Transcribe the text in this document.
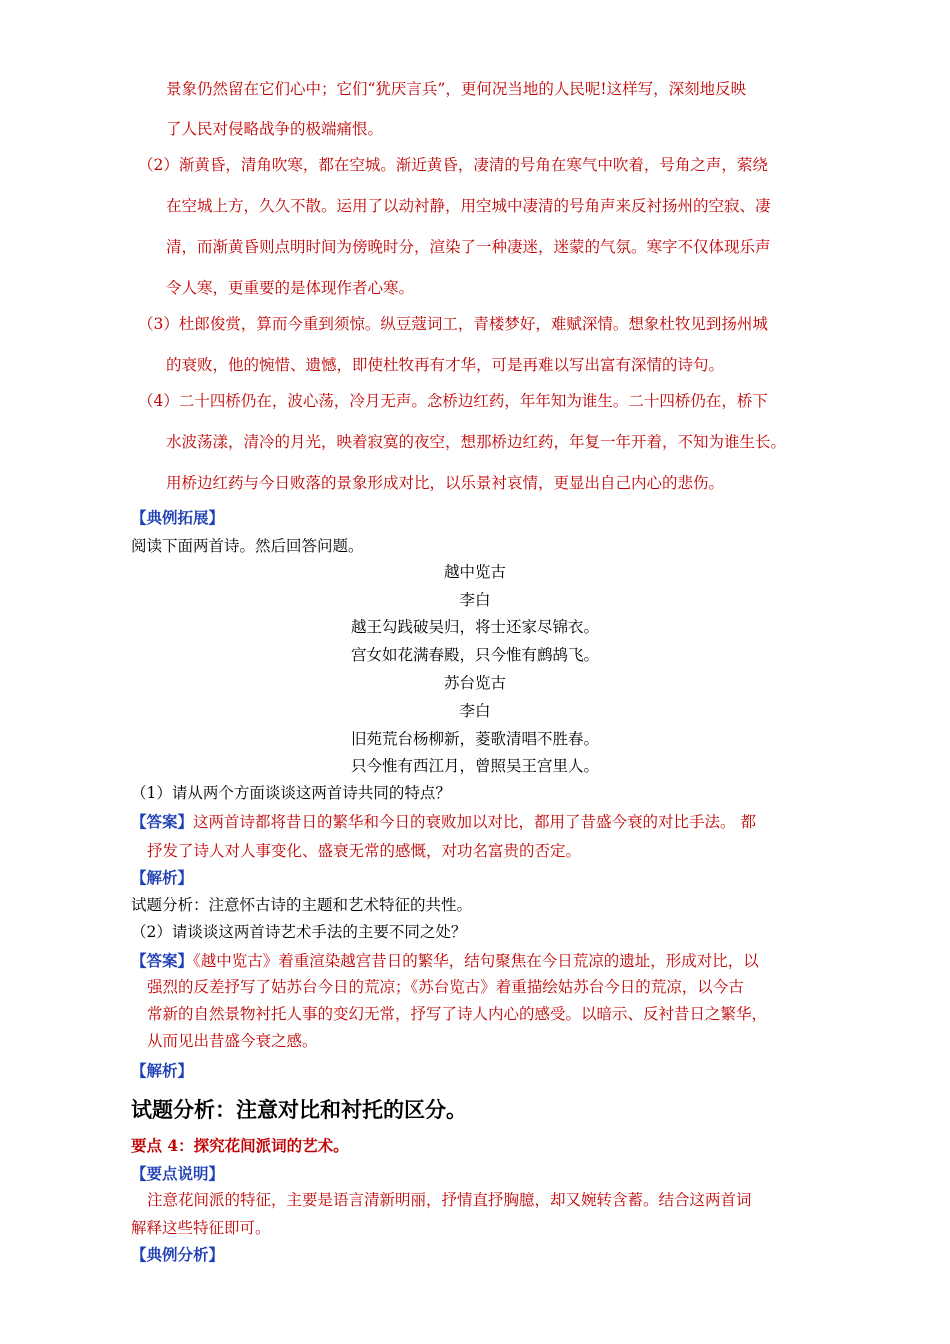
景象仍然留在它们心中；它们“犹厌言兵”，更何况当地的人民呢!这样写，深刻地反映
了人民对侵略战争的极端痛恨。
（2）渐黄昏，清角吹寒，都在空城。渐近黄昏，凄清的号角在寒气中吹着，号角之声，萦绕
在空城上方，久久不散。运用了以动衬静，用空城中凄清的号角声来反衬扬州的空寂、凄
清，而渐黄昏则点明时间为傍晚时分，渲染了一种凄迷，迷蒙的气氛。寒字不仅体现乐声
令人寒，更重要的是体现作者心寒。
（3）杜郎俊赏，算而今重到须惊。纵豆蔻词工，青楼梦好，难赋深情。想象杜牧见到扬州城
的衰败，他的惋惜、遗憾，即使杜牧再有才华，可是再难以写出富有深情的诗句。
（4）二十四桥仍在，波心荡，冷月无声。念桥边红药，年年知为谁生。二十四桥仍在，桥下
水波荡漾，清冷的月光，映着寂寞的夜空，想那桥边红药，年复一年开着，不知为谁生长。
用桥边红药与今日败落的景象形成对比，以乐景衬哀情，更显出自己内心的悲伤。
【典例拓展】
阅读下面两首诗。然后回答问题。
越中览古
李白
越王勾践破吴归，将士还家尽锦衣。
宫女如花满春殿，只今惟有鹧鸪飞。
苏台览古
李白
旧苑荒台杨柳新，菱歌清唱不胜春。
只今惟有西江月，曾照吴王宫里人。
（1）请从两个方面谈谈这两首诗共同的特点？
【答案】这两首诗都将昔日的繁华和今日的衰败加以对比，都用了昔盛今衰的对比手法。 都
抒发了诗人对人事变化、盛衰无常的感慨，对功名富贵的否定。
【解析】
试题分析：注意怀古诗的主题和艺术特征的共性。
（2）请谈谈这两首诗艺术手法的主要不同之处？
【答案】《越中览古》着重渲染越宫昔日的繁华，结句聚焦在今日荒凉的遗址，形成对比，以
强烈的反差抒写了姑苏台今日的荒凉；《苏台览古》着重描绘姑苏台今日的荒凉，以今古
常新的自然景物衬托人事的变幻无常，抒写了诗人内心的感受。以暗示、反衬昔日之繁华，
从而见出昔盛今衰之感。
【解析】
试题分析：注意对比和衬托的区分。
要点 4：探究花间派词的艺术。
【要点说明】
注意花间派的特征，主要是语言清新明丽，抒情直抒胸臆，却又婉转含蓄。结合这两首词
解释这些特征即可。
【典例分析】
